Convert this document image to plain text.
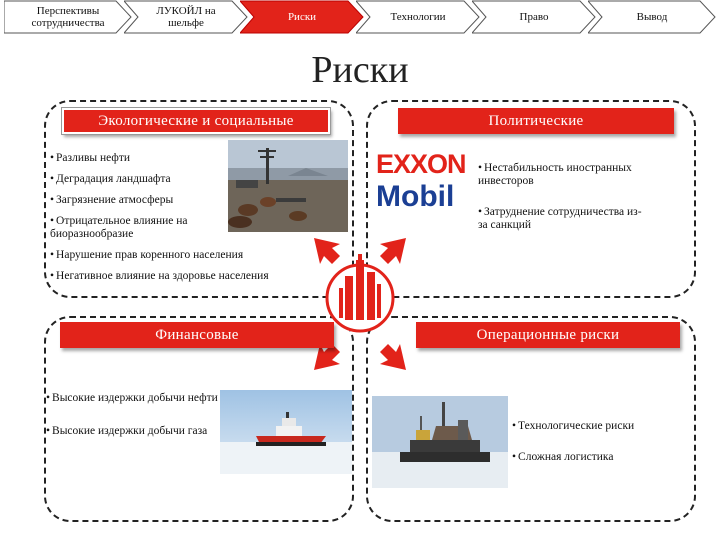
Перспективы сотрудничества
ЛУКОЙЛ на шельфе	Риски	Технологии	Право	Вывод
Риски
Экологические и социальные
• Разливы нефти
• Деградация ландшафта
• Загрязнение атмосферы
• Отрицательное влияние на биоразнообразие
• Нарушение прав коренного населения
• Негативное влияние на здоровье населения
Политические
EXXON
Mobil
• Нестабильность иностранных инвесторов
• Затруднение сотрудничества из-за санкций
Финансовые
• Высокие издержки добычи нефти
• Высокие издержки добычи газа
Операционные риски
• Технологические риски
• Сложная логистика
